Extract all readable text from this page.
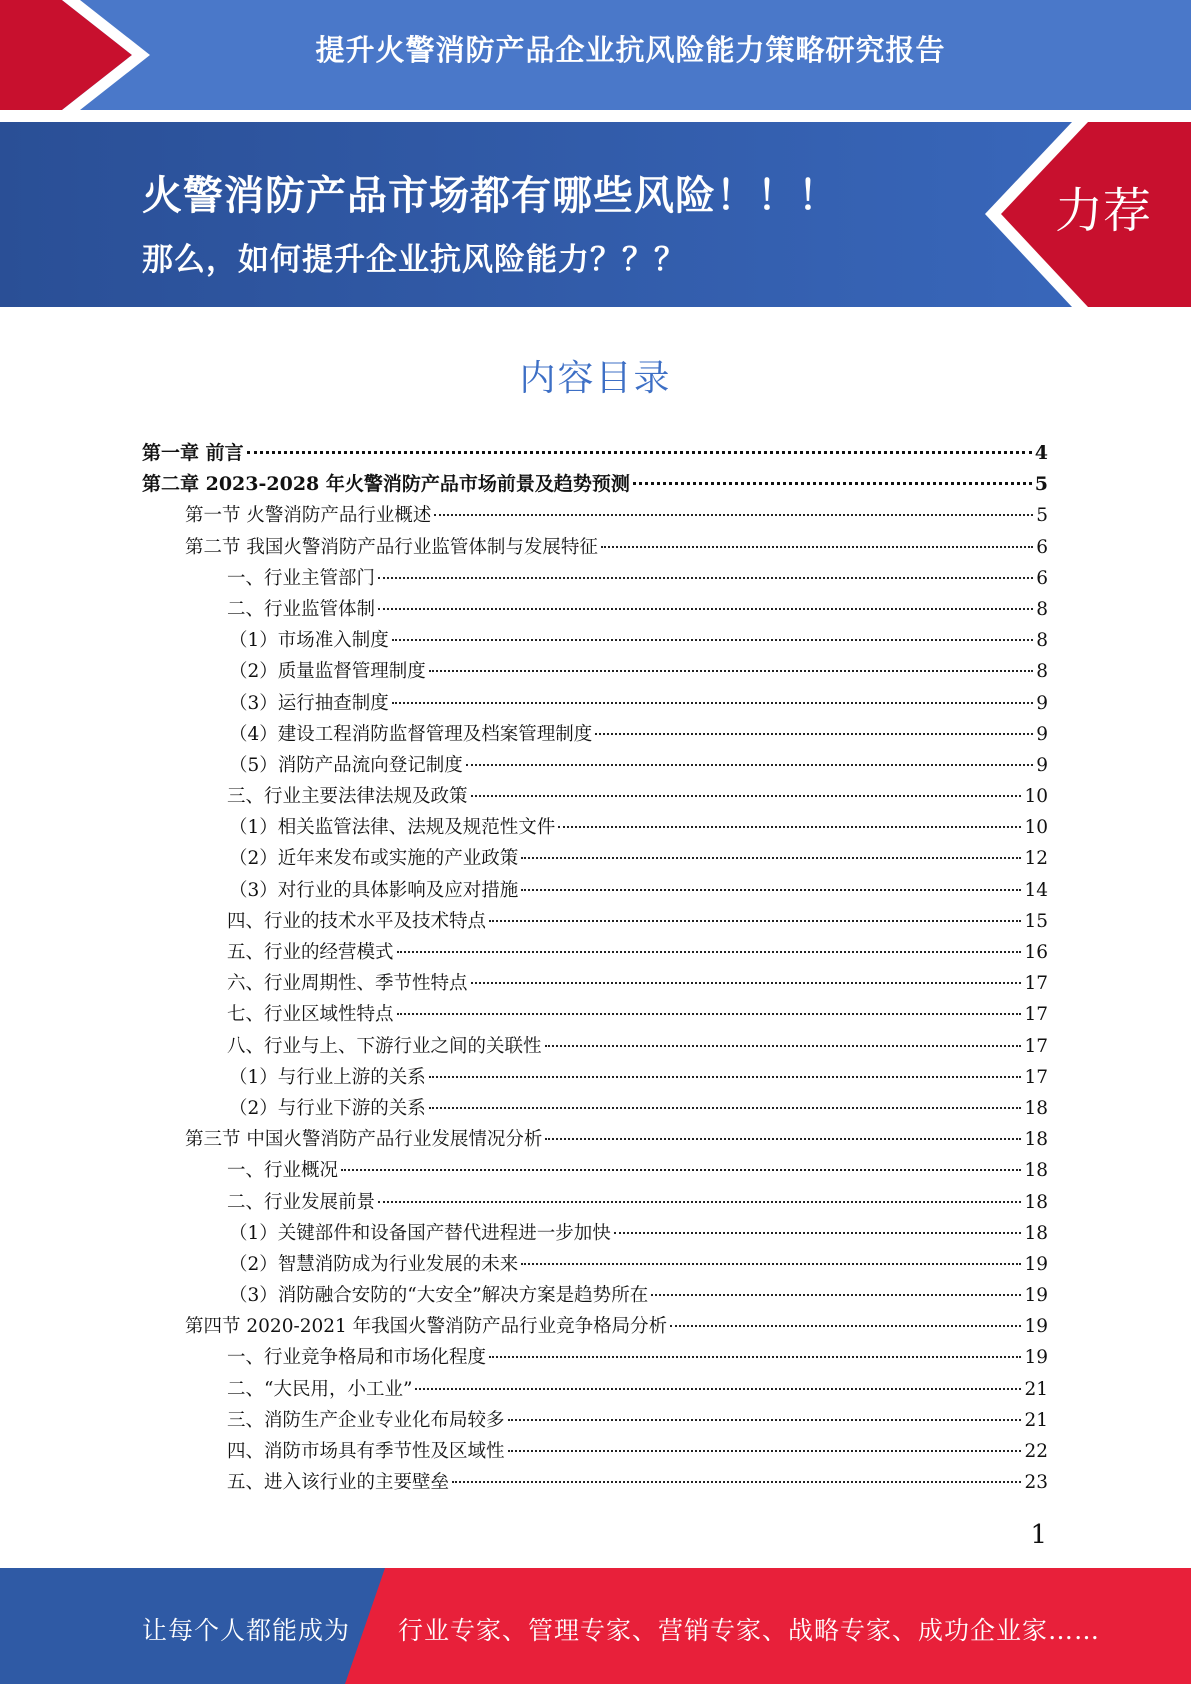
提升火警消防产品企业抗风险能力策略研究报告
火警消防产品市场都有哪些风险！！！
那么，如何提升企业抗风险能力？？？
力荐
内容目录
第一章 前言	4
第二章 2023-2028 年火警消防产品市场前景及趋势预测	5
第一节 火警消防产品行业概述	5
第二节 我国火警消防产品行业监管体制与发展特征	6
一、行业主管部门	6
二、行业监管体制	8
（1）市场准入制度	8
（2）质量监督管理制度	8
（3）运行抽查制度	9
（4）建设工程消防监督管理及档案管理制度	9
（5）消防产品流向登记制度	9
三、行业主要法律法规及政策	10
（1）相关监管法律、法规及规范性文件	10
（2）近年来发布或实施的产业政策	12
（3）对行业的具体影响及应对措施	14
四、行业的技术水平及技术特点	15
五、行业的经营模式	16
六、行业周期性、季节性特点	17
七、行业区域性特点	17
八、行业与上、下游行业之间的关联性	17
（1）与行业上游的关系	17
（2）与行业下游的关系	18
第三节 中国火警消防产品行业发展情况分析	18
一、行业概况	18
二、行业发展前景	18
（1）关键部件和设备国产替代进程进一步加快	18
（2）智慧消防成为行业发展的未来	19
（3）消防融合安防的“大安全”解决方案是趋势所在	19
第四节 2020-2021 年我国火警消防产品行业竞争格局分析	19
一、行业竞争格局和市场化程度	19
二、“大民用，小工业”	21
三、消防生产企业专业化布局较多	21
四、消防市场具有季节性及区域性	22
五、进入该行业的主要壁垒	23
1
让每个人都能成为 行业专家、管理专家、营销专家、战略专家、成功企业家……
